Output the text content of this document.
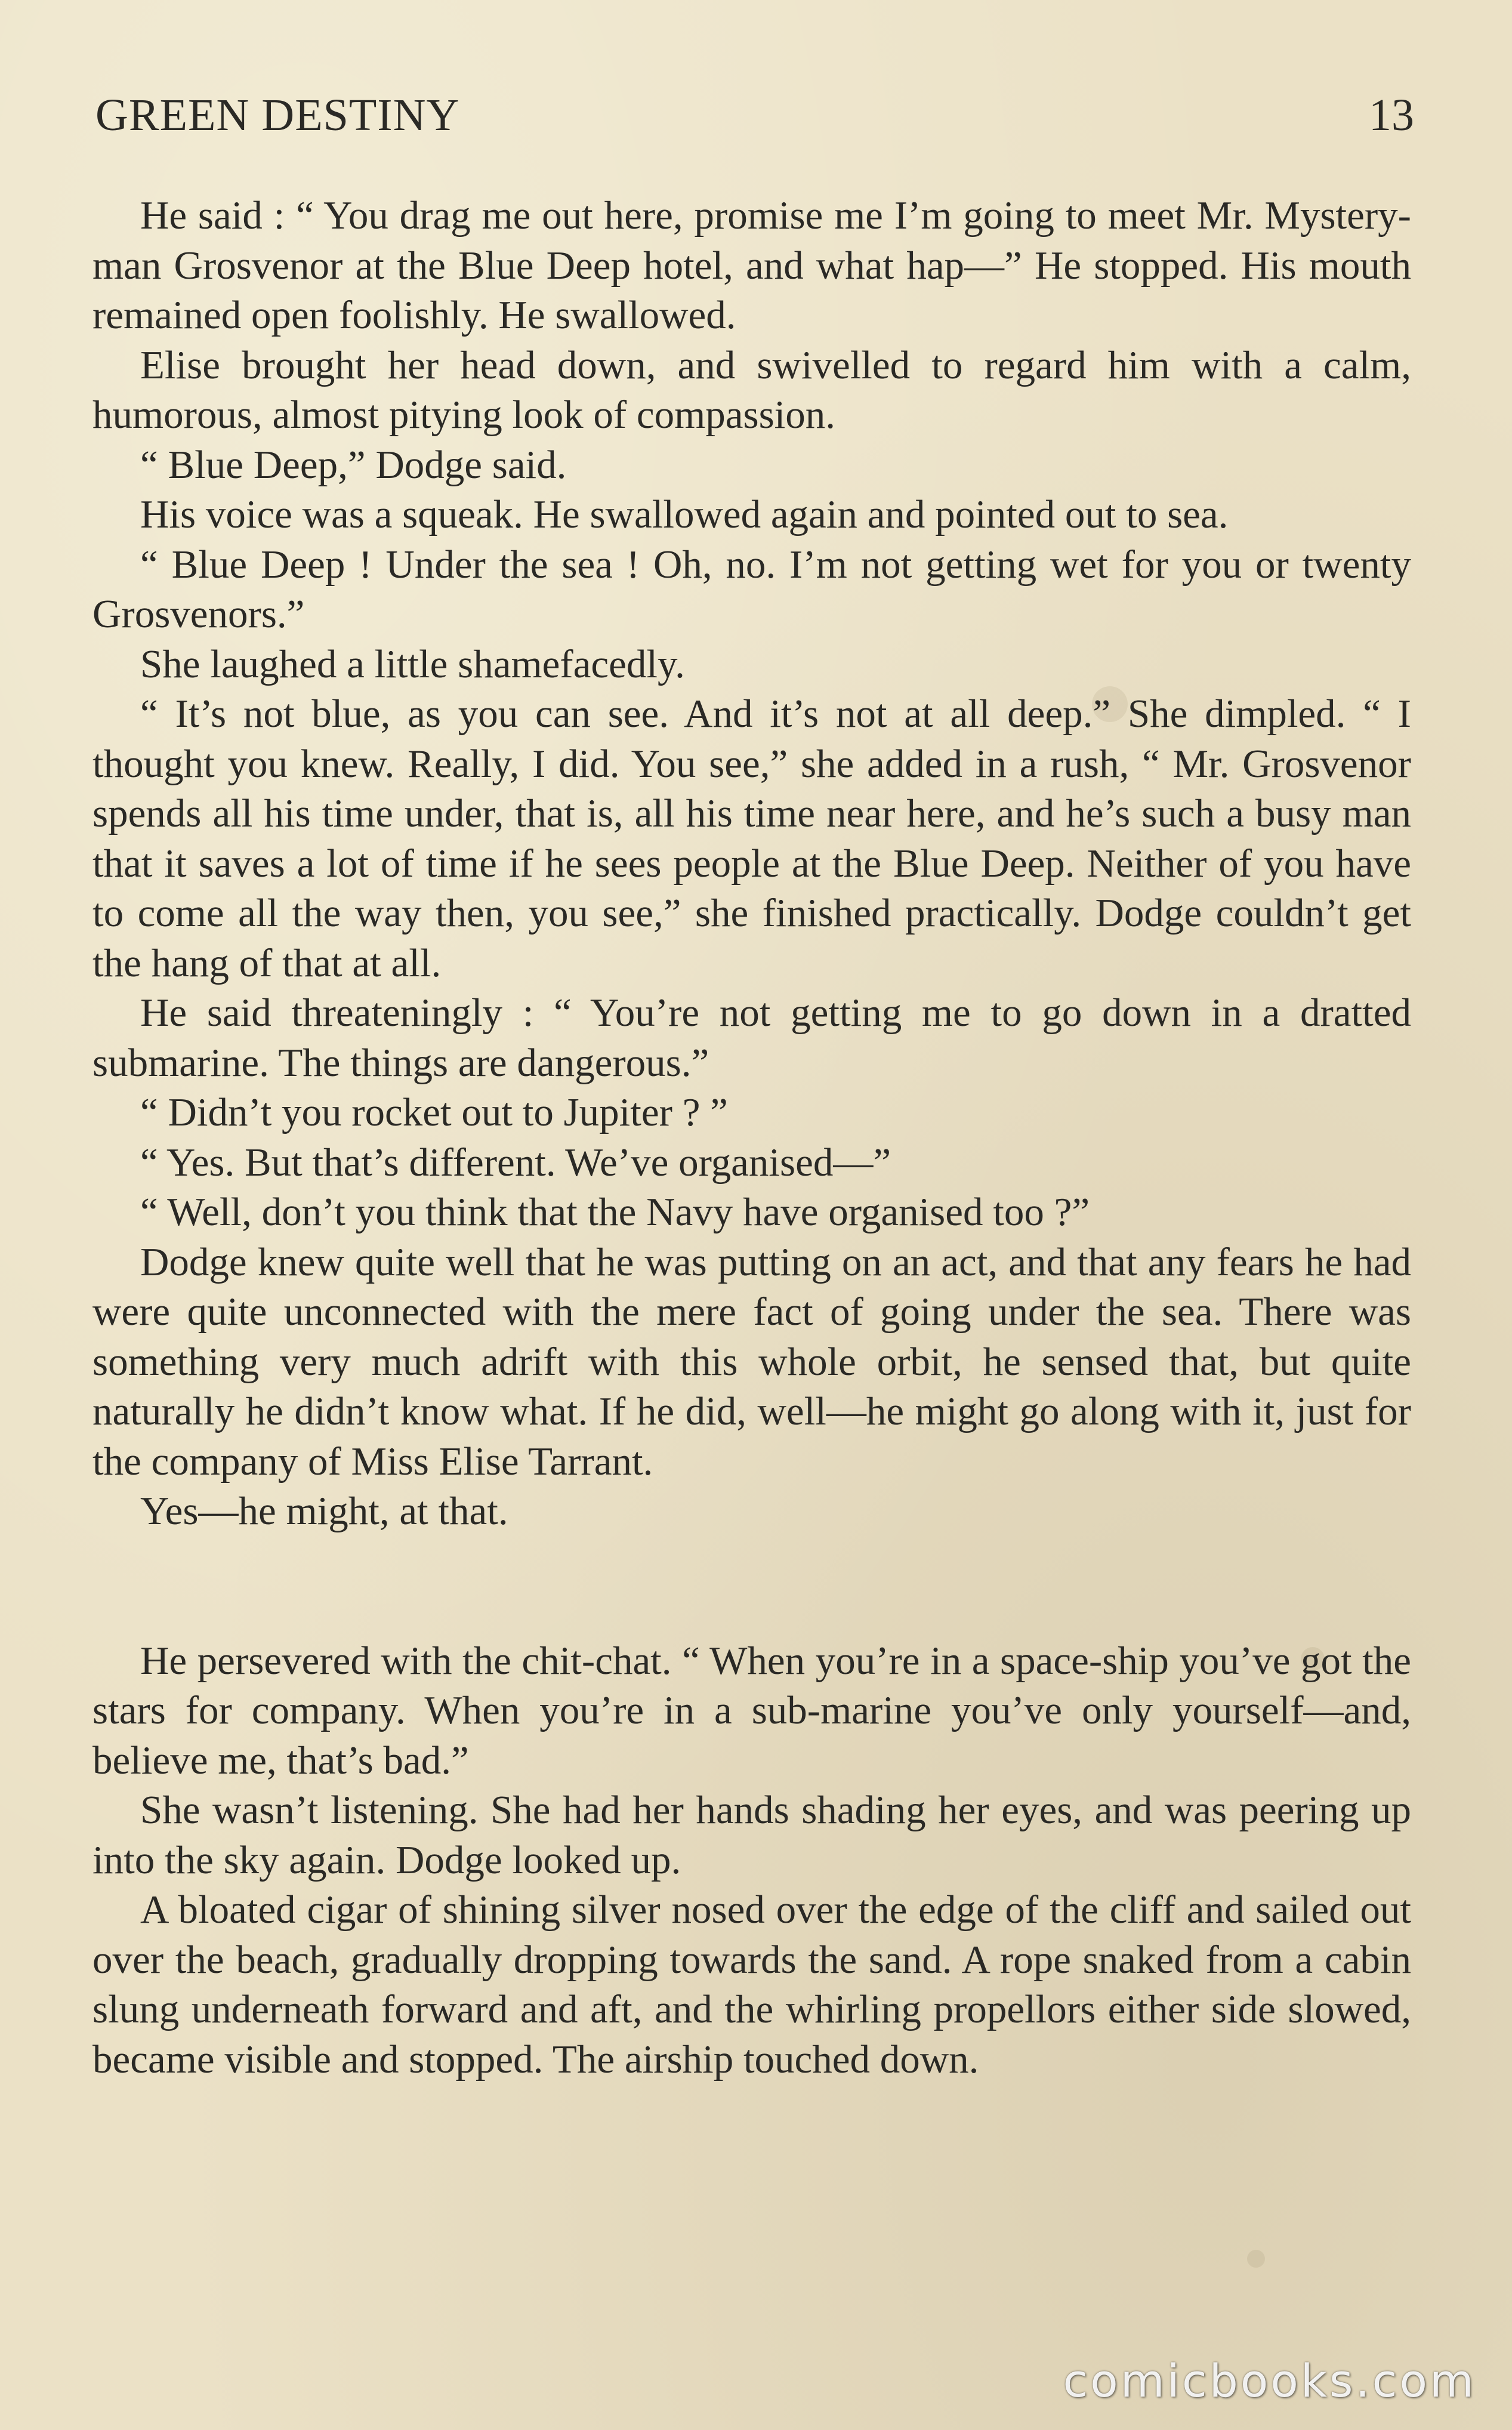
GREEN DESTINY	13

He said : “ You drag me out here, promise me I’m going to meet Mr. Mystery-man Grosvenor at the Blue Deep hotel, and what hap—” He stopped. His mouth remained open foolishly. He swallowed.

Elise brought her head down, and swivelled to regard him with a calm, humorous, almost pitying look of compassion.

“ Blue Deep,” Dodge said.

His voice was a squeak. He swallowed again and pointed out to sea.

“ Blue Deep ! Under the sea ! Oh, no. I’m not getting wet for you or twenty Grosvenors.”

She laughed a little shamefacedly.

“ It’s not blue, as you can see. And it’s not at all deep.” She dimpled. “ I thought you knew. Really, I did. You see,” she added in a rush, “ Mr. Grosvenor spends all his time under, that is, all his time near here, and he’s such a busy man that it saves a lot of time if he sees people at the Blue Deep. Neither of you have to come all the way then, you see,” she finished practically. Dodge couldn’t get the hang of that at all.

He said threateningly : “ You’re not getting me to go down in a dratted submarine. The things are dangerous.”

“ Didn’t you rocket out to Jupiter ? ”

“ Yes. But that’s different. We’ve organised—”

“ Well, don’t you think that the Navy have organised too ?”

Dodge knew quite well that he was putting on an act, and that any fears he had were quite unconnected with the mere fact of going under the sea. There was something very much adrift with this whole orbit, he sensed that, but quite naturally he didn’t know what. If he did, well—he might go along with it, just for the company of Miss Elise Tarrant.

Yes—he might, at that.

He persevered with the chit-chat. “ When you’re in a space-ship you’ve got the stars for company. When you’re in a sub-marine you’ve only yourself—and, believe me, that’s bad.”

She wasn’t listening. She had her hands shading her eyes, and was peering up into the sky again. Dodge looked up.

A bloated cigar of shining silver nosed over the edge of the cliff and sailed out over the beach, gradually dropping towards the sand. A rope snaked from a cabin slung underneath forward and aft, and the whirling propellors either side slowed, became visible and stopped. The airship touched down.

comicbooks.com
